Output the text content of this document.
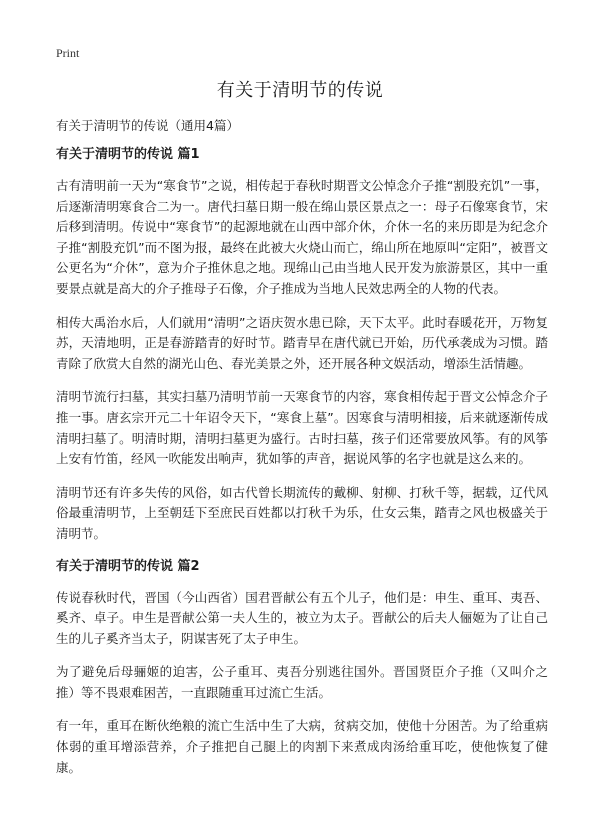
Print
有关于清明节的传说

有关于清明节的传说（通用4篇）

有关于清明节的传说 篇1

古有清明前一天为“寒食节”之说，相传起于春秋时期晋文公悼念介子推“割股充饥”一事，后逐渐清明寒食合二为一。唐代扫墓日期一般在绵山景区景点之一：母子石像寒食节，宋后移到清明。传说中“寒食节”的起源地就在山西中部介休，介休一名的来历即是为纪念介子推“割股充饥”而不图为报，最终在此被大火烧山而亡，绵山所在地原叫“定阳”，被晋文公更名为“介休”，意为介子推休息之地。现绵山己由当地人民开发为旅游景区，其中一重要景点就是高大的介子推母子石像，介子推成为当地人民效忠两全的人物的代表。

相传大禹治水后，人们就用“清明”之语庆贺水患已除，天下太平。此时春暖花开，万物复苏，天清地明，正是春游踏青的好时节。踏青早在唐代就已开始，历代承袭成为习惯。踏青除了欣赏大自然的湖光山色、春光美景之外，还开展各种文娱活动，增添生活情趣。

清明节流行扫墓，其实扫墓乃清明节前一天寒食节的内容，寒食相传起于晋文公悼念介子推一事。唐玄宗开元二十年诏令天下，“寒食上墓”。因寒食与清明相接，后来就逐渐传成清明扫墓了。明清时期，清明扫墓更为盛行。古时扫墓，孩子们还常要放风筝。有的风筝上安有竹笛，经风一吹能发出响声，犹如筝的声音，据说风筝的名字也就是这么来的。

清明节还有许多失传的风俗，如古代曾长期流传的戴柳、射柳、打秋千等，据载，辽代风俗最重清明节，上至朝廷下至庶民百姓都以打秋千为乐，仕女云集，踏青之风也极盛关于清明节。

有关于清明节的传说 篇2

传说春秋时代，晋国（今山西省）国君晋献公有五个儿子，他们是：申生、重耳、夷吾、奚齐、卓子。申生是晋献公第一夫人生的，被立为太子。晋献公的后夫人俪姬为了让自己生的儿子奚齐当太子，阴谋害死了太子申生。

为了避免后母骊姬的迫害，公子重耳、夷吾分别逃往国外。晋国贤臣介子推（又叫介之推）等不畏艰难困苦，一直跟随重耳过流亡生活。

有一年，重耳在断伙绝粮的流亡生活中生了大病，贫病交加，使他十分困苦。为了给重病体弱的重耳增添营养，介子推把自己腿上的肉割下来煮成肉汤给重耳吃，使他恢复了健康。
